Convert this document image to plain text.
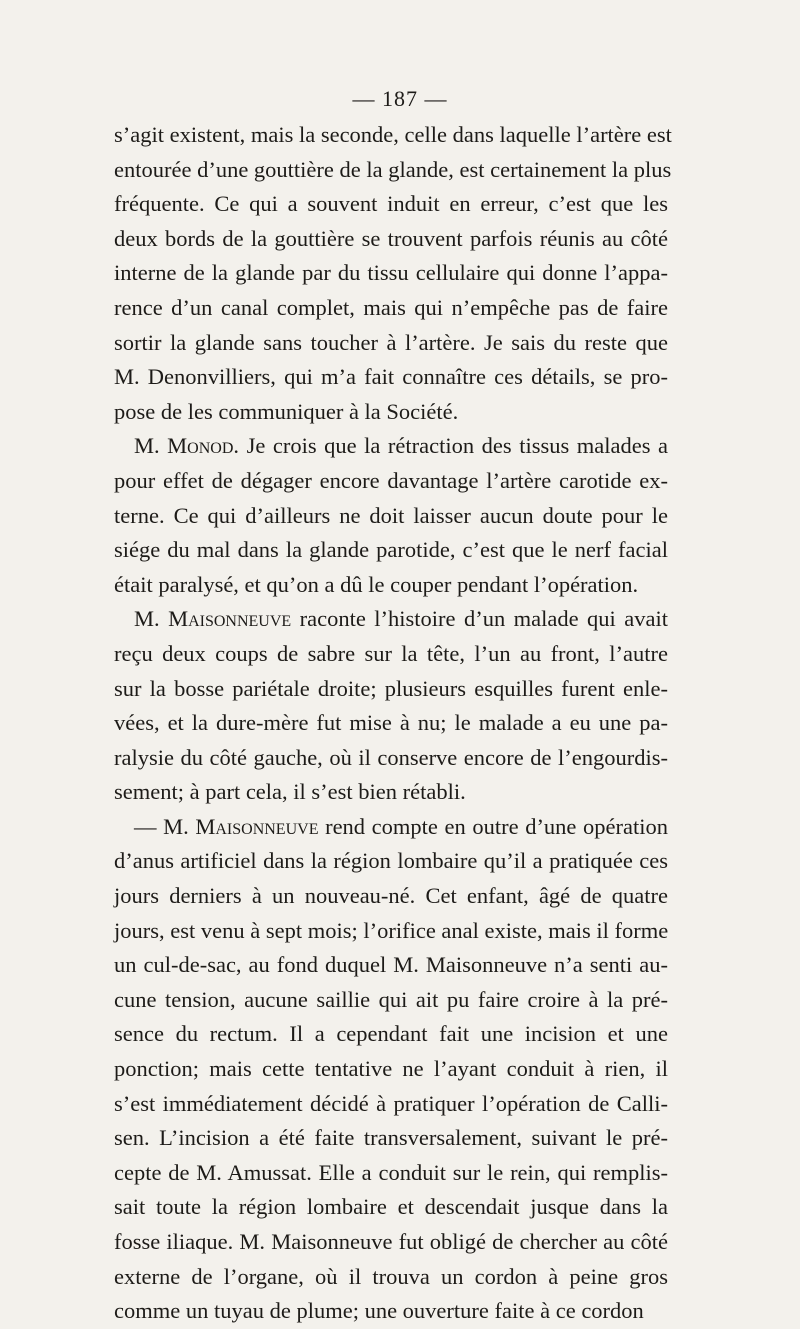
— 187 —
s’agit existent, mais la seconde, celle dans laquelle l’artère est
entourée d’une gouttière de la glande, est certainement la plus
fréquente. Ce qui a souvent induit en erreur, c’est que les
deux bords de la gouttière se trouvent parfois réunis au côté
interne de la glande par du tissu cellulaire qui donne l’appa-
rence d’un canal complet, mais qui n’empêche pas de faire
sortir la glande sans toucher à l’artère. Je sais du reste que
M. Denonvilliers, qui m’a fait connaître ces détails, se pro-
pose de les communiquer à la Société.
M. Monod. Je crois que la rétraction des tissus malades a
pour effet de dégager encore davantage l’artère carotide ex-
terne. Ce qui d’ailleurs ne doit laisser aucun doute pour le
siége du mal dans la glande parotide, c’est que le nerf facial
était paralysé, et qu’on a dû le couper pendant l’opération.
M. Maisonneuve raconte l’histoire d’un malade qui avait
reçu deux coups de sabre sur la tête, l’un au front, l’autre
sur la bosse pariétale droite; plusieurs esquilles furent enle-
vées, et la dure-mère fut mise à nu; le malade a eu une pa-
ralysie du côté gauche, où il conserve encore de l’engourdis-
sement; à part cela, il s’est bien rétabli.
— M. Maisonneuve rend compte en outre d’une opération
d’anus artificiel dans la région lombaire qu’il a pratiquée ces
jours derniers à un nouveau-né. Cet enfant, âgé de quatre
jours, est venu à sept mois; l’orifice anal existe, mais il forme
un cul-de-sac, au fond duquel M. Maisonneuve n’a senti au-
cune tension, aucune saillie qui ait pu faire croire à la pré-
sence du rectum. Il a cependant fait une incision et une
ponction; mais cette tentative ne l’ayant conduit à rien, il
s’est immédiatement décidé à pratiquer l’opération de Calli-
sen. L’incision a été faite transversalement, suivant le pré-
cepte de M. Amussat. Elle a conduit sur le rein, qui remplis-
sait toute la région lombaire et descendait jusque dans la
fosse iliaque. M. Maisonneuve fut obligé de chercher au côté
externe de l’organe, où il trouva un cordon à peine gros
comme un tuyau de plume; une ouverture faite à ce cordon
